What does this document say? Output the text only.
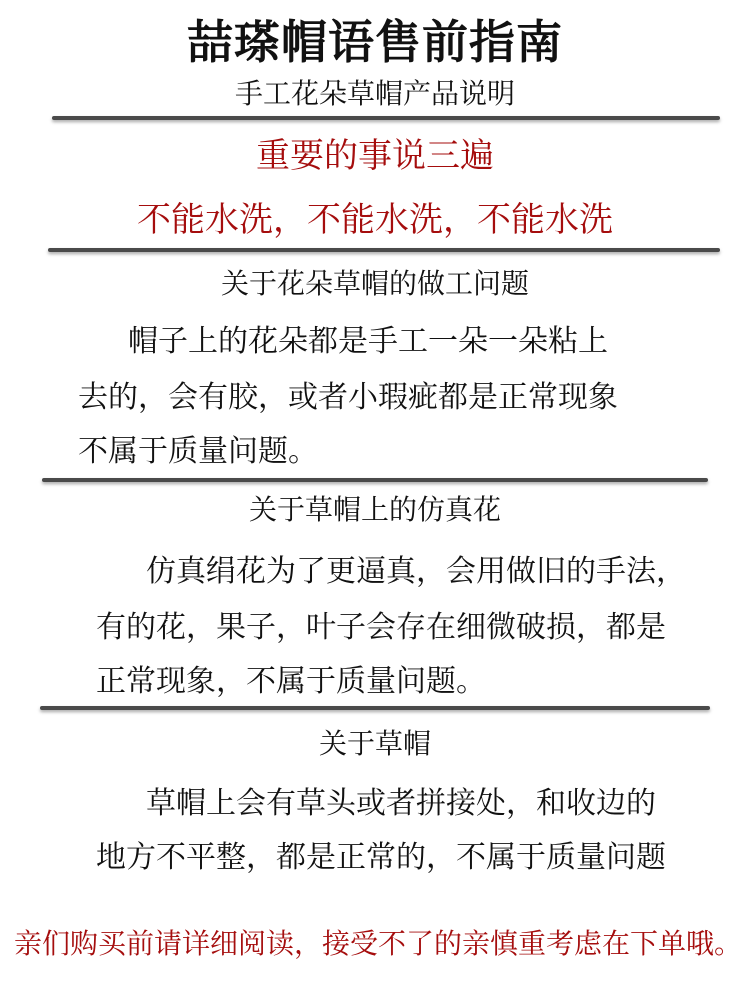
喆瑹帽语售前指南
手工花朵草帽产品说明
重要的事说三遍
不能水洗，不能水洗，不能水洗
关于花朵草帽的做工问题
帽子上的花朵都是手工一朵一朵粘上
去的，会有胶，或者小瑕疵都是正常现象
不属于质量问题。
关于草帽上的仿真花
仿真绢花为了更逼真，会用做旧的手法，
有的花，果子，叶子会存在细微破损，都是
正常现象，不属于质量问题。
关于草帽
草帽上会有草头或者拼接处，和收边的
地方不平整，都是正常的，不属于质量问题
亲们购买前请详细阅读，接受不了的亲慎重考虑在下单哦。
